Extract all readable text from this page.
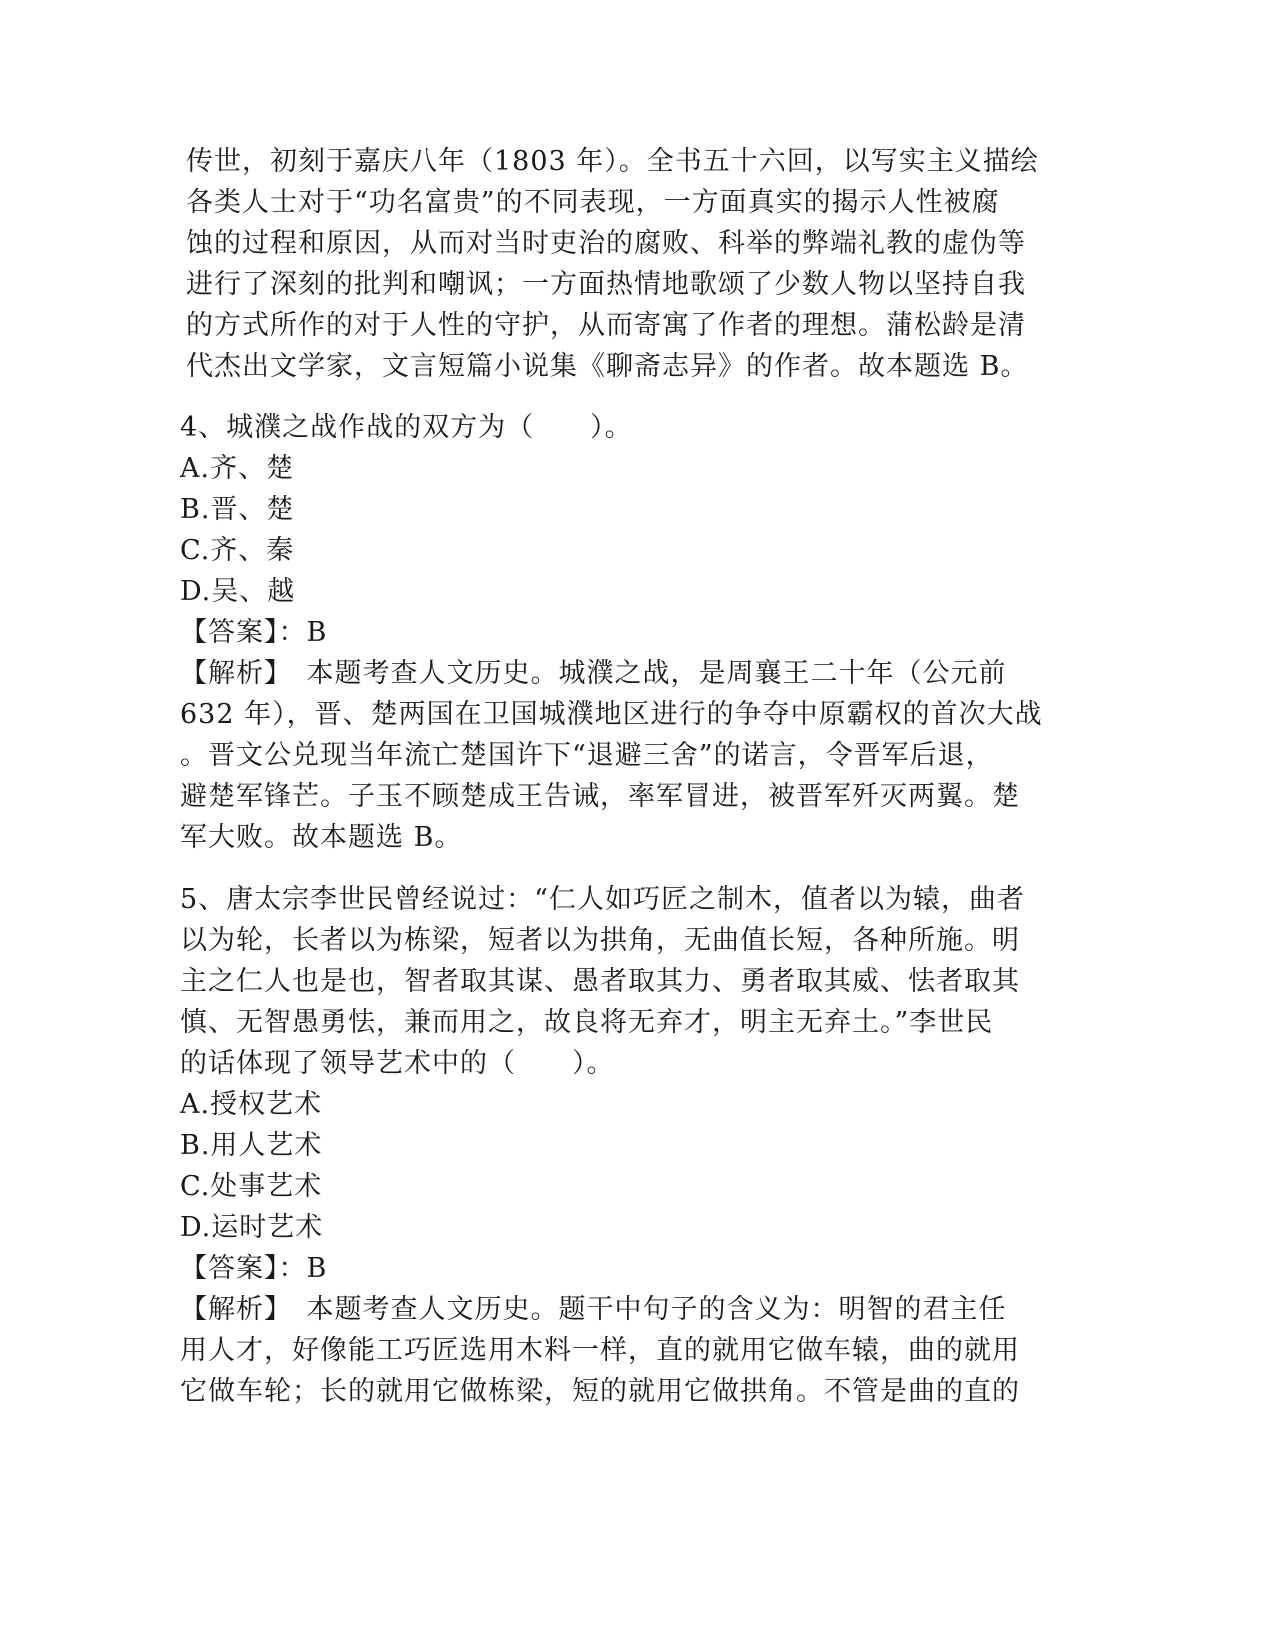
传世，初刻于嘉庆八年（1803 年）。全书五十六回，以写实主义描绘
各类人士对于“功名富贵”的不同表现，一方面真实的揭示人性被腐
蚀的过程和原因，从而对当时吏治的腐败、科举的弊端礼教的虚伪等
进行了深刻的批判和嘲讽；一方面热情地歌颂了少数人物以坚持自我
的方式所作的对于人性的守护，从而寄寓了作者的理想。蒲松龄是清
代杰出文学家，文言短篇小说集《聊斋志异》的作者。故本题选 B。
4、城濮之战作战的双方为（　　）。
A.齐、楚
B.晋、楚
C.齐、秦
D.吴、越
【答案】：B
【解析】　本题考查人文历史。城濮之战，是周襄王二十年（公元前
632 年），晋、楚两国在卫国城濮地区进行的争夺中原霸权的首次大战
。晋文公兑现当年流亡楚国许下“退避三舍”的诺言，令晋军后退，
避楚军锋芒。子玉不顾楚成王告诫，率军冒进，被晋军歼灭两翼。楚
军大败。故本题选 B。
5、唐太宗李世民曾经说过：“仁人如巧匠之制木，值者以为辕，曲者
以为轮，长者以为栋梁，短者以为拱角，无曲值长短，各种所施。明
主之仁人也是也，智者取其谋、愚者取其力、勇者取其威、怯者取其
慎、无智愚勇怯，兼而用之，故良将无弃才，明主无弃土。”李世民
的话体现了领导艺术中的（　　）。
A.授权艺术
B.用人艺术
C.处事艺术
D.运时艺术
【答案】：B
【解析】　本题考查人文历史。题干中句子的含义为：明智的君主任
用人才，好像能工巧匠选用木料一样，直的就用它做车辕，曲的就用
它做车轮；长的就用它做栋梁，短的就用它做拱角。不管是曲的直的
